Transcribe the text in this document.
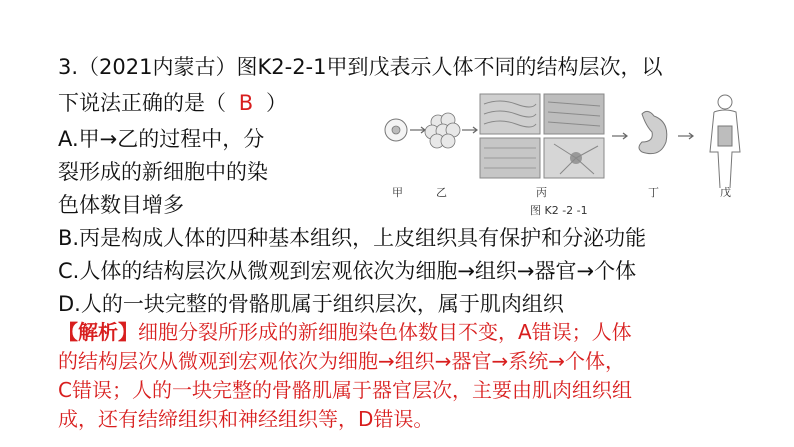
3.（2021内蒙古）图K2-2-1甲到戊表示人体不同的结构层次，以
下说法正确的是（ B ）
A.甲→乙的过程中，分
裂形成的新细胞中的染
色体数目增多
B.丙是构成人体的四种基本组织，上皮组织具有保护和分泌功能
C.人体的结构层次从微观到宏观依次为细胞→组织→器官→个体
D.人的一块完整的骨骼肌属于组织层次，属于肌肉组织
甲	乙	丙	丁	戊
图 K2 -2 -1
【解析】细胞分裂所形成的新细胞染色体数目不变，A错误；人体
的结构层次从微观到宏观依次为细胞→组织→器官→系统→个体，
C错误；人的一块完整的骨骼肌属于器官层次，主要由肌肉组织组
成，还有结缔组织和神经组织等，D错误。
